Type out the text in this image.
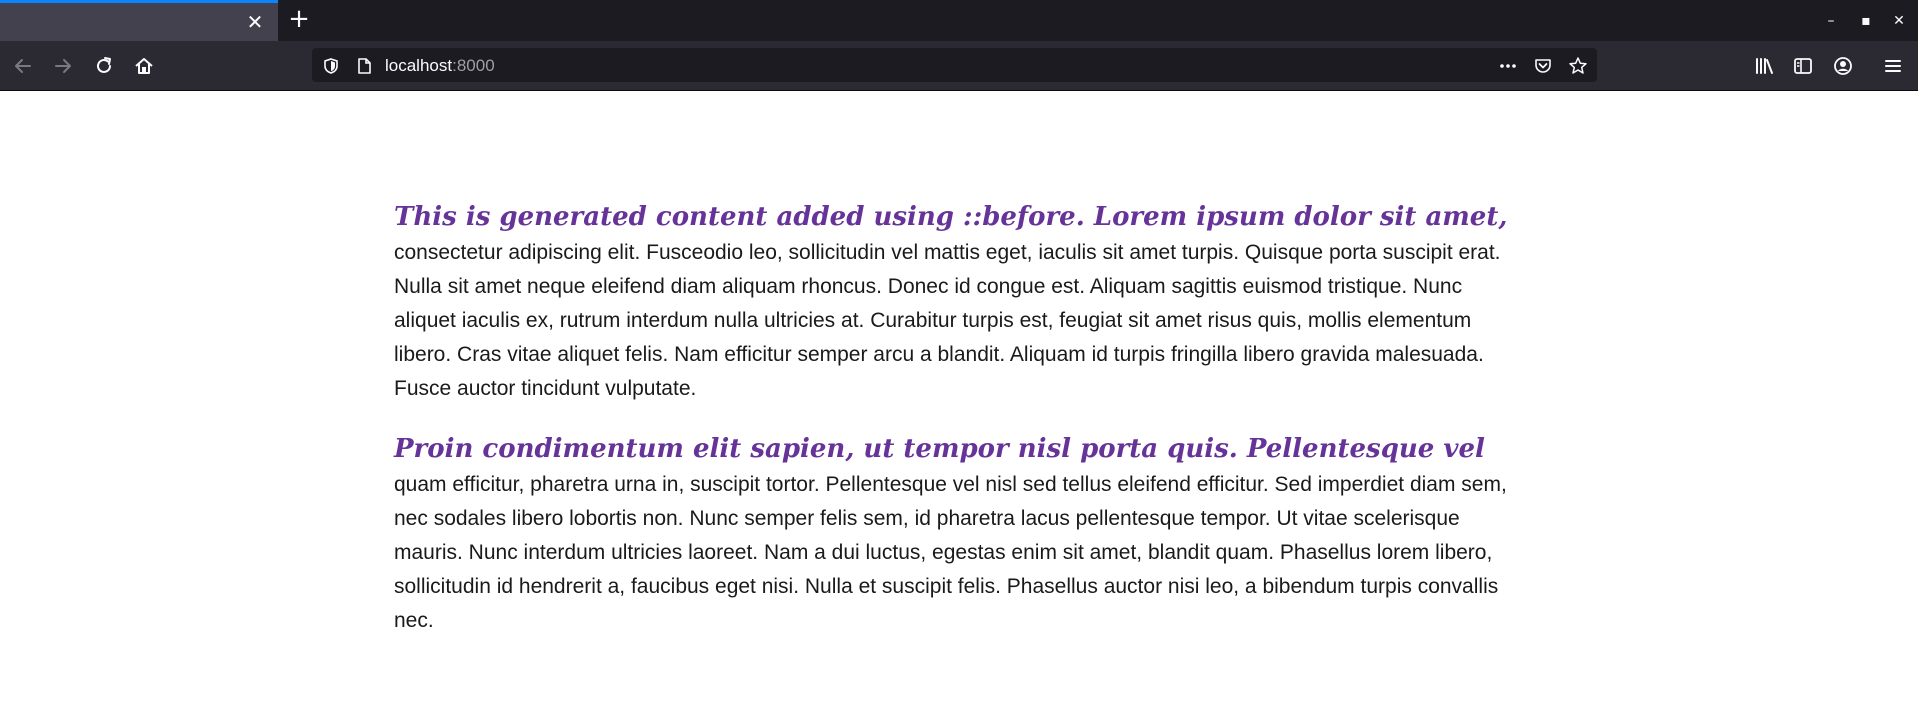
✕ +	–	▪	✕
localhost:8000

This is generated content added using ::before. Lorem ipsum dolor sit amet,
consectetur adipiscing elit. Fusceodio leo, sollicitudin vel mattis eget, iaculis sit amet turpis. Quisque porta suscipit erat. Nulla sit amet neque eleifend diam aliquam rhoncus. Donec id congue est. Aliquam sagittis euismod tristique. Nunc aliquet iaculis ex, rutrum interdum nulla ultricies at. Curabitur turpis est, feugiat sit amet risus quis, mollis elementum libero. Cras vitae aliquet felis. Nam efficitur semper arcu a blandit. Aliquam id turpis fringilla libero gravida malesuada. Fusce auctor tincidunt vulputate.

Proin condimentum elit sapien, ut tempor nisl porta quis. Pellentesque vel
quam efficitur, pharetra urna in, suscipit tortor. Pellentesque vel nisl sed tellus eleifend efficitur. Sed imperdiet diam sem, nec sodales libero lobortis non. Nunc semper felis sem, id pharetra lacus pellentesque tempor. Ut vitae scelerisque mauris. Nunc interdum ultricies laoreet. Nam a dui luctus, egestas enim sit amet, blandit quam. Phasellus lorem libero, sollicitudin id hendrerit a, faucibus eget nisi. Nulla et suscipit felis. Phasellus auctor nisi leo, a bibendum turpis convallis nec.
